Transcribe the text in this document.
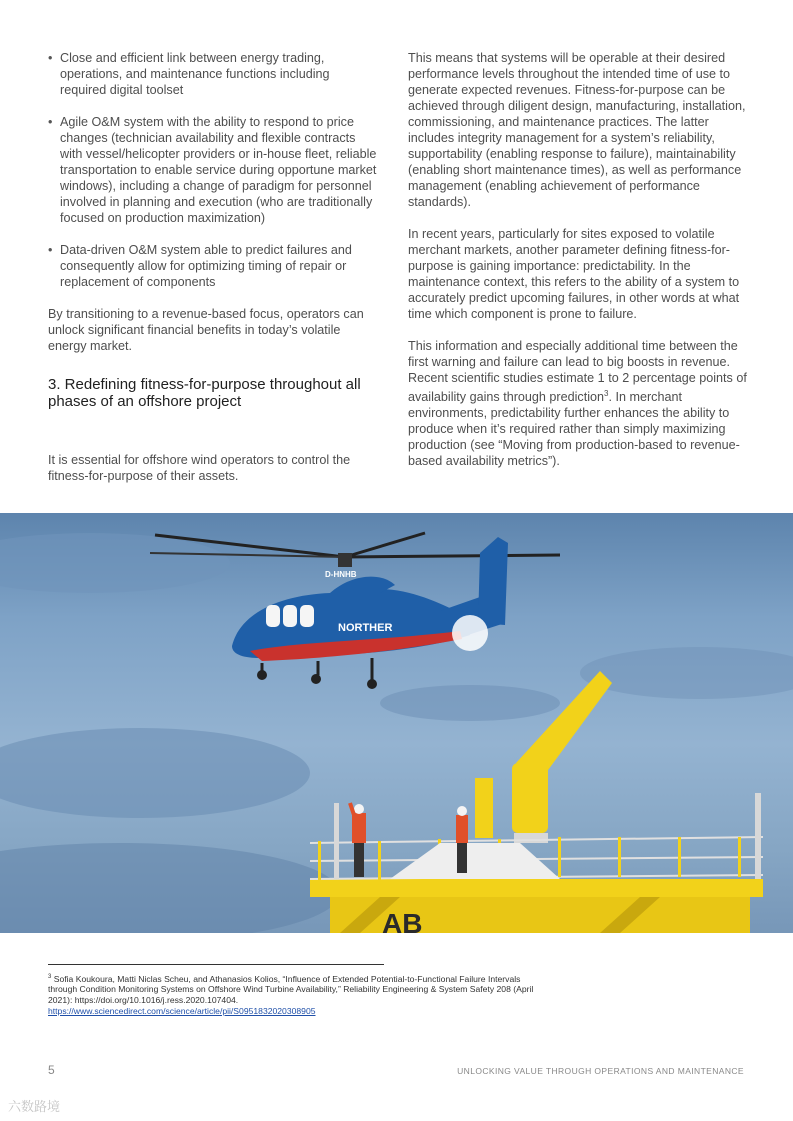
• Close and efficient link between energy trading, operations, and maintenance functions including required digital toolset
• Agile O&M system with the ability to respond to price changes (technician availability and flexible contracts with vessel/helicopter providers or in-house fleet, reliable transportation to enable service during opportune market windows), including a change of paradigm for personnel involved in planning and execution (who are traditionally focused on production maximization)
• Data-driven O&M system able to predict failures and consequently allow for optimizing timing of repair or replacement of components

By transitioning to a revenue-based focus, operators can unlock significant financial benefits in today’s volatile energy market.

3. Redefining fitness-for-purpose throughout all phases of an offshore project

It is essential for offshore wind operators to control the fitness-for-purpose of their assets.

This means that systems will be operable at their desired performance levels throughout the intended time of use to generate expected revenues. Fitness-for-purpose can be achieved through diligent design, manufacturing, installation, commissioning, and maintenance practices. The latter includes integrity management for a system’s reliability, supportability (enabling response to failure), maintainability (enabling short maintenance times), as well as performance management (enabling achievement of performance standards).

In recent years, particularly for sites exposed to volatile merchant markets, another parameter defining fitness-for-purpose is gaining importance: predictability. In the maintenance context, this refers to the ability of a system to accurately predict upcoming failures, in other words at what time which component is prone to failure.

This information and especially additional time between the first warning and failure can lead to big boosts in revenue. Recent scientific studies estimate 1 to 2 percentage points of availability gains through prediction$^3$. In merchant environments, predictability further enhances the ability to produce when it’s required rather than simply maximizing production (see “Moving from production-based to revenue-based availability metrics”).

D-HNHB
NORTHER
AB
$^3$ Sofia Koukoura, Matti Niclas Scheu, and Athanasios Kolios, “Influence of Extended Potential-to-Functional Failure Intervals through Condition Monitoring Systems on Offshore Wind Turbine Availability,” Reliability Engineering & System Safety 208 (April 2021): https://doi.org/10.1016/j.ress.2020.107404.
https://www.sciencedirect.com/science/article/pii/S0951832020308905
5	UNLOCKING VALUE THROUGH OPERATIONS AND MAINTENANCE
六数路境
